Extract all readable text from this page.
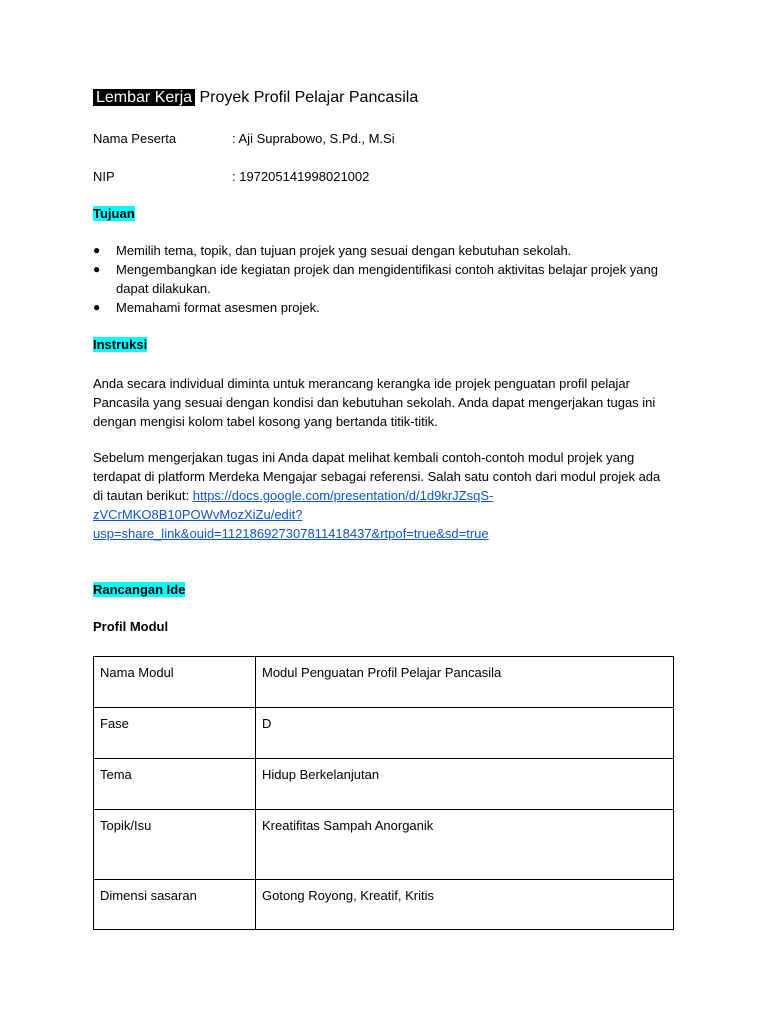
Lembar Kerja Proyek Profil Pelajar Pancasila
Nama Peserta	: Aji Suprabowo, S.Pd., M.Si
NIP	: 197205141998021002
Tujuan
● Memilih tema, topik, dan tujuan projek yang sesuai dengan kebutuhan sekolah.
● Mengembangkan ide kegiatan projek dan mengidentifikasi contoh aktivitas belajar projek yang dapat dilakukan.
● Memahami format asesmen projek.
Instruksi

Anda secara individual diminta untuk merancang kerangka ide projek penguatan profil pelajar Pancasila yang sesuai dengan kondisi dan kebutuhan sekolah. Anda dapat mengerjakan tugas ini dengan mengisi kolom tabel kosong yang bertanda titik-titik.

Sebelum mengerjakan tugas ini Anda dapat melihat kembali contoh-contoh modul projek yang terdapat di platform Merdeka Mengajar sebagai referensi. Salah satu contoh dari modul projek ada di tautan berikut: https://docs.google.com/presentation/d/1d9krJZsqS-
zVCrMKO8B10POWvMozXiZu/edit?
usp=share_link&ouid=112186927307811418437&rtpof=true&sd=true

Rancangan Ide
Profil Modul
Nama Modul	Modul Penguatan Profil Pelajar Pancasila
Fase	D
Tema	Hidup Berkelanjutan
Topik/Isu	Kreatifitas Sampah Anorganik
Dimensi sasaran	Gotong Royong, Kreatif, Kritis
